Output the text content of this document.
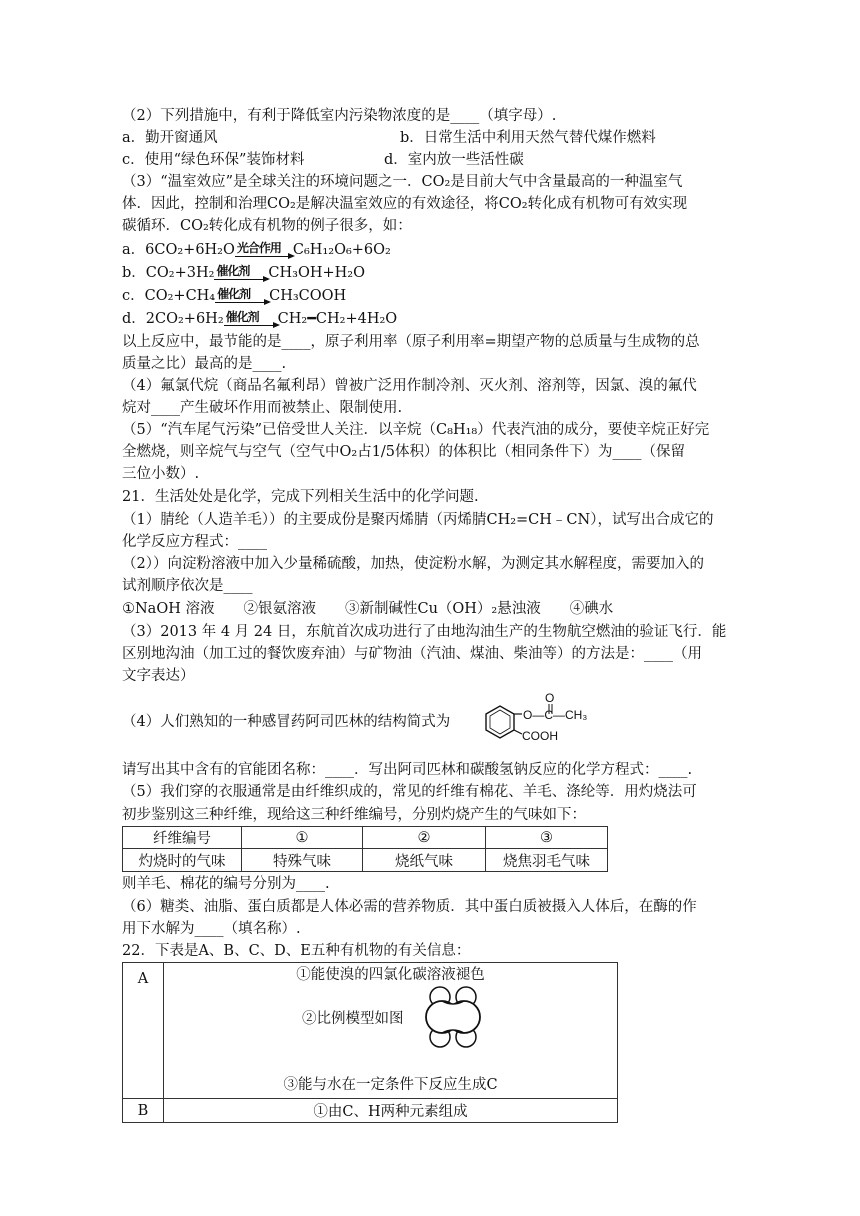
（2）下列措施中，有利于降低室内污染物浓度的是____（填字母）.
a．勤开窗通风	b．日常生活中利用天然气替代煤作燃料
c．使用“绿色环保”装饰材料	d．室内放一些活性碳
（3）“温室效应”是全球关注的环境问题之一．CO₂是目前大气中含量最高的一种温室气
体．因此，控制和治理CO₂是解决温室效应的有效途径，将CO₂转化成有机物可有效实现
碳循环．CO₂转化成有机物的例子很多，如：
a．6CO₂+6H₂O 光合作用 C₆H₁₂O₆+6O₂
b．CO₂+3H₂ 催化剂 CH₃OH+H₂O
c．CO₂+CH₄ 催化剂 CH₃COOH
d．2CO₂+6H₂ 催化剂 CH₂━CH₂+4H₂O
以上反应中，最节能的是____，原子利用率（原子利用率=期望产物的总质量与生成物的总
质量之比）最高的是____.
（4）氟氯代烷（商品名氟利昂）曾被广泛用作制冷剂、灭火剂、溶剂等，因氯、溴的氟代
烷对____产生破坏作用而被禁止、限制使用.
（5）“汽车尾气污染”已倍受世人关注．以辛烷（C₈H₁₈）代表汽油的成分，要使辛烷正好完
全燃烧，则辛烷气与空气（空气中O₂占1/5体积）的体积比（相同条件下）为____（保留
三位小数）.
21．生活处处是化学，完成下列相关生活中的化学问题.
（1）腈纶（人造羊毛））的主要成份是聚丙烯腈（丙烯腈CH₂=CH﹣CN），试写出合成它的
化学反应方程式：____
（2））向淀粉溶液中加入少量稀硫酸，加热，使淀粉水解，为测定其水解程度，需要加入的
试剂顺序依次是____
①NaOH 溶液　　②银氨溶液　　③新制碱性Cu（OH）₂悬浊液　　④碘水
（3）2013 年 4 月 24 日，东航首次成功进行了由地沟油生产的生物航空燃油的验证飞行．能
区别地沟油（加工过的餐饮废弃油）与矿物油（汽油、煤油、柴油等）的方法是：____（用
文字表达）
（4）人们熟知的一种感冒药阿司匹林的结构简式为
O
O—C—CH₃
COOH
请写出其中含有的官能团名称：____．写出阿司匹林和碳酸氢钠反应的化学方程式：____.
（5）我们穿的衣服通常是由纤维织成的，常见的纤维有棉花、羊毛、涤纶等．用灼烧法可
初步鉴别这三种纤维，现给这三种纤维编号，分别灼烧产生的气味如下：
纤维编号	①	②	③
灼烧时的气味	特殊气味	烧纸气味	烧焦羽毛气味
则羊毛、棉花的编号分别为____.
（6）糖类、油脂、蛋白质都是人体必需的营养物质．其中蛋白质被摄入人体后，在酶的作
用下水解为____（填名称）.
22．下表是A、B、C、D、E五种有机物的有关信息：
A	①能使溴的四氯化碳溶液褪色
②比例模型如图
③能与水在一定条件下反应生成C

B	①由C、H两种元素组成
